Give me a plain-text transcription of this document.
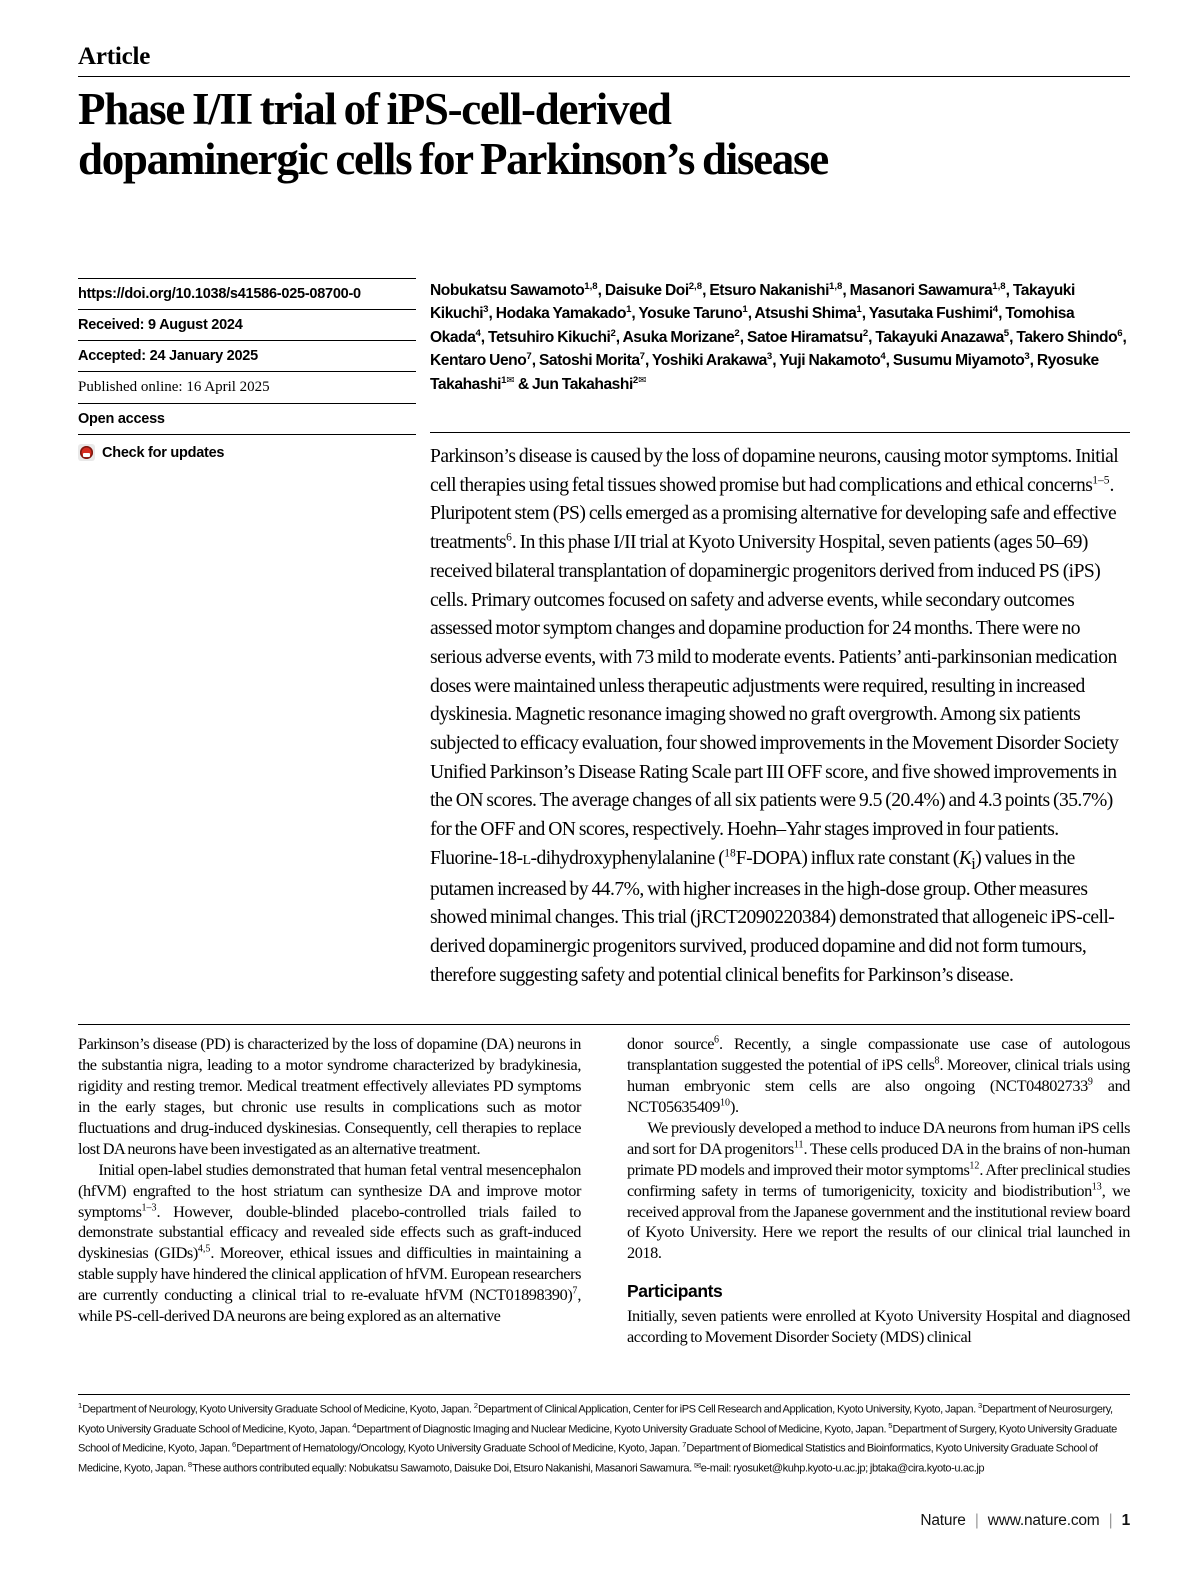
Article
Phase I/II trial of iPS-cell-derived
dopaminergic cells for Parkinson’s disease
https://doi.org/10.1038/s41586-025-08700-0
Received: 9 August 2024
Accepted: 24 January 2025
Published online: 16 April 2025
Open access
Check for updates
Nobukatsu Sawamoto$^{1,8}$, Daisuke Doi$^{2,8}$, Etsuro Nakanishi$^{1,8}$, Masanori Sawamura$^{1,8}$, Takayuki Kikuchi$^3$, Hodaka Yamakado$^1$, Yosuke Taruno$^1$, Atsushi Shima$^1$, Yasutaka Fushimi$^4$, Tomohisa Okada$^4$, Tetsuhiro Kikuchi$^2$, Asuka Morizane$^2$, Satoe Hiramatsu$^2$, Takayuki Anazawa$^5$, Takero Shindo$^6$, Kentaro Ueno$^7$, Satoshi Morita$^7$, Yoshiki Arakawa$^3$, Yuji Nakamoto$^4$, Susumu Miyamoto$^3$, Ryosuke Takahashi$^{1✉}$ & Jun Takahashi$^{2✉}$
Parkinson’s disease is caused by the loss of dopamine neurons, causing motor symptoms. Initial cell therapies using fetal tissues showed promise but had complications and ethical concerns$^{1-5}$. Pluripotent stem (PS) cells emerged as a promising alternative for developing safe and effective treatments$^6$. In this phase I/II trial at Kyoto University Hospital, seven patients (ages 50–69) received bilateral transplantation of dopaminergic progenitors derived from induced PS (iPS) cells. Primary outcomes focused on safety and adverse events, while secondary outcomes assessed motor symptom changes and dopamine production for 24 months. There were no serious adverse events, with 73 mild to moderate events. Patients’ anti-parkinsonian medication doses were maintained unless therapeutic adjustments were required, resulting in increased dyskinesia. Magnetic resonance imaging showed no graft overgrowth. Among six patients subjected to efficacy evaluation, four showed improvements in the Movement Disorder Society Unified Parkinson’s Disease Rating Scale part III OFF score, and five showed improvements in the ON scores. The average changes of all six patients were 9.5 (20.4%) and 4.3 points (35.7%) for the OFF and ON scores, respectively. Hoehn–Yahr stages improved in four patients. Fluorine-18-l-dihydroxyphenylalanine ($^{18}$F-DOPA) influx rate constant $(K_i)$ values in the putamen increased by 44.7%, with higher increases in the high-dose group. Other measures showed minimal changes. This trial (jRCT2090220384) demonstrated that allogeneic iPS-cell-derived dopaminergic progenitors survived, produced dopamine and did not form tumours, therefore suggesting safety and potential clinical benefits for Parkinson’s disease.

Parkinson’s disease (PD) is characterized by the loss of dopamine (DA) neurons in the substantia nigra, leading to a motor syndrome characterized by bradykinesia, rigidity and resting tremor. Medical treatment effectively alleviates PD symptoms in the early stages, but chronic use results in complications such as motor fluctuations and drug-induced dyskinesias. Consequently, cell therapies to replace lost DA neurons have been investigated as an alternative treatment.

Initial open-label studies demonstrated that human fetal ventral mesencephalon (hfVM) engrafted to the host striatum can synthesize DA and improve motor symptoms$^{1-3}$. However, double-blinded placebo-controlled trials failed to demonstrate substantial efficacy and revealed side effects such as graft-induced dyskinesias (GIDs)$^{4,5}$. Moreover, ethical issues and difficulties in maintaining a stable supply have hindered the clinical application of hfVM. European researchers are currently conducting a clinical trial to re-evaluate hfVM $(NCT01898390)^7$, while PS-cell-derived DA neurons are being explored as an alternative

donor source$^6$. Recently, a single compassionate use case of autologous transplantation suggested the potential of iPS cells$^8$. Moreover, clinical trials using human embryonic stem cells are also ongoing (NCT04802733$^9$ and NCT05635409$^{10}$).

We previously developed a method to induce DA neurons from human iPS cells and sort for DA progenitors$^{11}$. These cells produced DA in the brains of non-human primate PD models and improved their motor symptoms$^{12}$. After preclinical studies confirming safety in terms of tumorigenicity, toxicity and biodistribution$^{13}$, we received approval from the Japanese government and the institutional review board of Kyoto University. Here we report the results of our clinical trial launched in 2018.

Participants

Initially, seven patients were enrolled at Kyoto University Hospital and diagnosed according to Movement Disorder Society (MDS) clinical

$^1$Department of Neurology, Kyoto University Graduate School of Medicine, Kyoto, Japan. $^2$Department of Clinical Application, Center for iPS Cell Research and Application, Kyoto University, Kyoto, Japan. $^3$Department of Neurosurgery, Kyoto University Graduate School of Medicine, Kyoto, Japan. $^4$Department of Diagnostic Imaging and Nuclear Medicine, Kyoto University Graduate School of Medicine, Kyoto, Japan. $^5$Department of Surgery, Kyoto University Graduate School of Medicine, Kyoto, Japan. $^6$Department of Hematology/Oncology, Kyoto University Graduate School of Medicine, Kyoto, Japan. $^7$Department of Biomedical Statistics and Bioinformatics, Kyoto University Graduate School of Medicine, Kyoto, Japan. $^8$These authors contributed equally: Nobukatsu Sawamoto, Daisuke Doi, Etsuro Nakanishi, Masanori Sawamura. ✉e-mail: ryosuket@kuhp.kyoto-u.ac.jp; jbtaka@cira.kyoto-u.ac.jp
Nature | www.nature.com | 1
